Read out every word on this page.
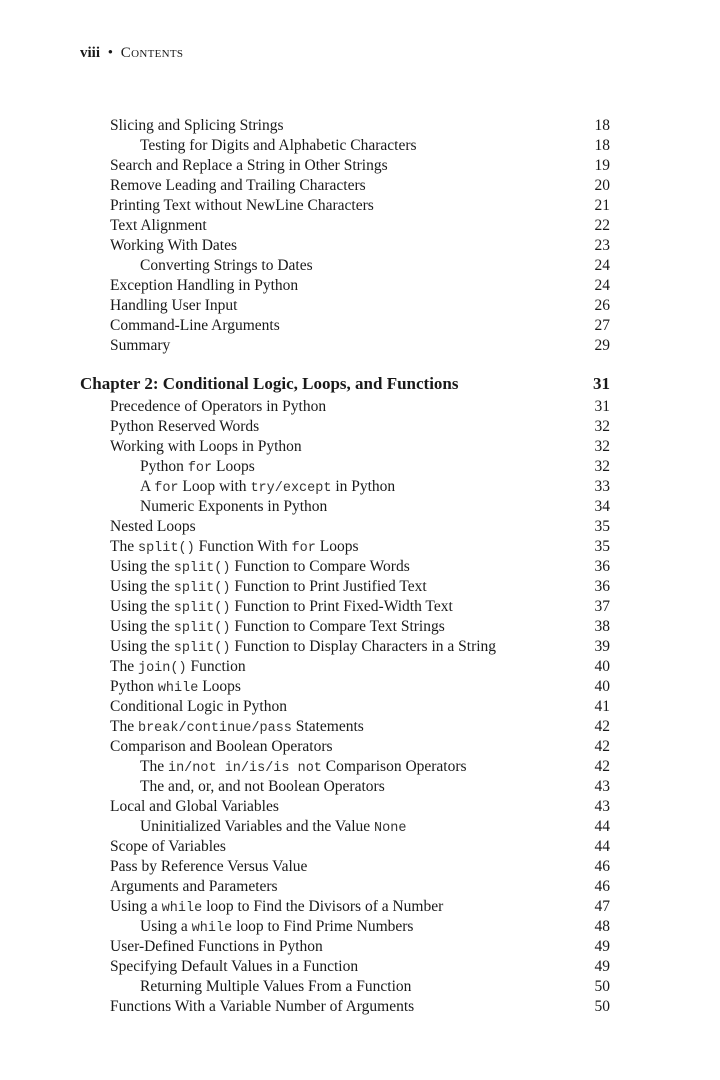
viii • Contents
Slicing and Splicing Strings	18
Testing for Digits and Alphabetic Characters	18
Search and Replace a String in Other Strings	19
Remove Leading and Trailing Characters	20
Printing Text without NewLine Characters	21
Text Alignment	22
Working With Dates	23
Converting Strings to Dates	24
Exception Handling in Python	24
Handling User Input	26
Command-Line Arguments	27
Summary	29
Chapter 2: Conditional Logic, Loops, and Functions	31
Precedence of Operators in Python	31
Python Reserved Words	32
Working with Loops in Python	32
Python for Loops	32
A for Loop with try/except in Python	33
Numeric Exponents in Python	34
Nested Loops	35
The split() Function With for Loops	35
Using the split() Function to Compare Words	36
Using the split() Function to Print Justified Text	36
Using the split() Function to Print Fixed-Width Text	37
Using the split() Function to Compare Text Strings	38
Using the split() Function to Display Characters in a String	39
The join() Function	40
Python while Loops	40
Conditional Logic in Python	41
The break/continue/pass Statements	42
Comparison and Boolean Operators	42
The in/not in/is/is not Comparison Operators	42
The and, or, and not Boolean Operators	43
Local and Global Variables	43
Uninitialized Variables and the Value None	44
Scope of Variables	44
Pass by Reference Versus Value	46
Arguments and Parameters	46
Using a while loop to Find the Divisors of a Number	47
Using a while loop to Find Prime Numbers	48
User-Defined Functions in Python	49
Specifying Default Values in a Function	49
Returning Multiple Values From a Function	50
Functions With a Variable Number of Arguments	50
